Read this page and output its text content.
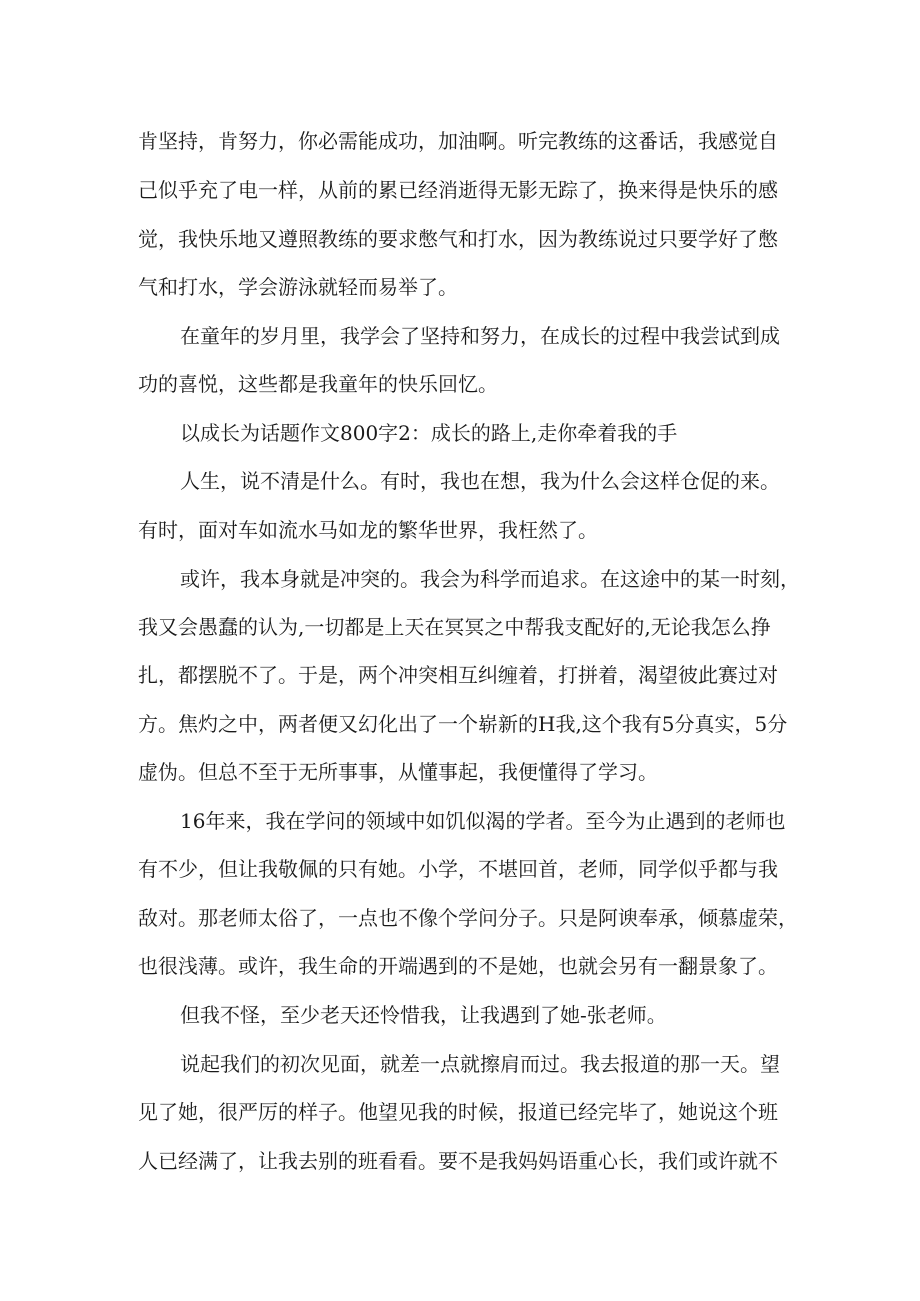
肯坚持，肯努力，你必需能成功，加油啊。听完教练的这番话，我感觉自
己似乎充了电一样，从前的累已经消逝得无影无踪了，换来得是快乐的感
觉，我快乐地又遵照教练的要求憋气和打水，因为教练说过只要学好了憋
气和打水，学会游泳就轻而易举了。
在童年的岁月里，我学会了坚持和努力，在成长的过程中我尝试到成
功的喜悦，这些都是我童年的快乐回忆。
以成长为话题作文800字2：成长的路上,走你牵着我的手
人生，说不清是什么。有时，我也在想，我为什么会这样仓促的来。
有时，面对车如流水马如龙的繁华世界，我枉然了。
或许，我本身就是冲突的。我会为科学而追求。在这途中的某一时刻，
我又会愚蠢的认为,一切都是上天在冥冥之中帮我支配好的,无论我怎么挣
扎，都摆脱不了。于是，两个冲突相互纠缠着，打拼着，渴望彼此赛过对
方。焦灼之中，两者便又幻化出了一个崭新的H我,这个我有5分真实，5分
虚伪。但总不至于无所事事，从懂事起，我便懂得了学习。
16年来，我在学问的领域中如饥似渴的学者。至今为止遇到的老师也
有不少，但让我敬佩的只有她。小学，不堪回首，老师，同学似乎都与我
敌对。那老师太俗了，一点也不像个学问分子。只是阿谀奉承，倾慕虚荣，
也很浅薄。或许，我生命的开端遇到的不是她，也就会另有一翻景象了。
但我不怪，至少老天还怜惜我，让我遇到了她-张老师。
说起我们的初次见面，就差一点就擦肩而过。我去报道的那一天。望
见了她，很严厉的样子。他望见我的时候，报道已经完毕了，她说这个班
人已经满了，让我去别的班看看。要不是我妈妈语重心长，我们或许就不
